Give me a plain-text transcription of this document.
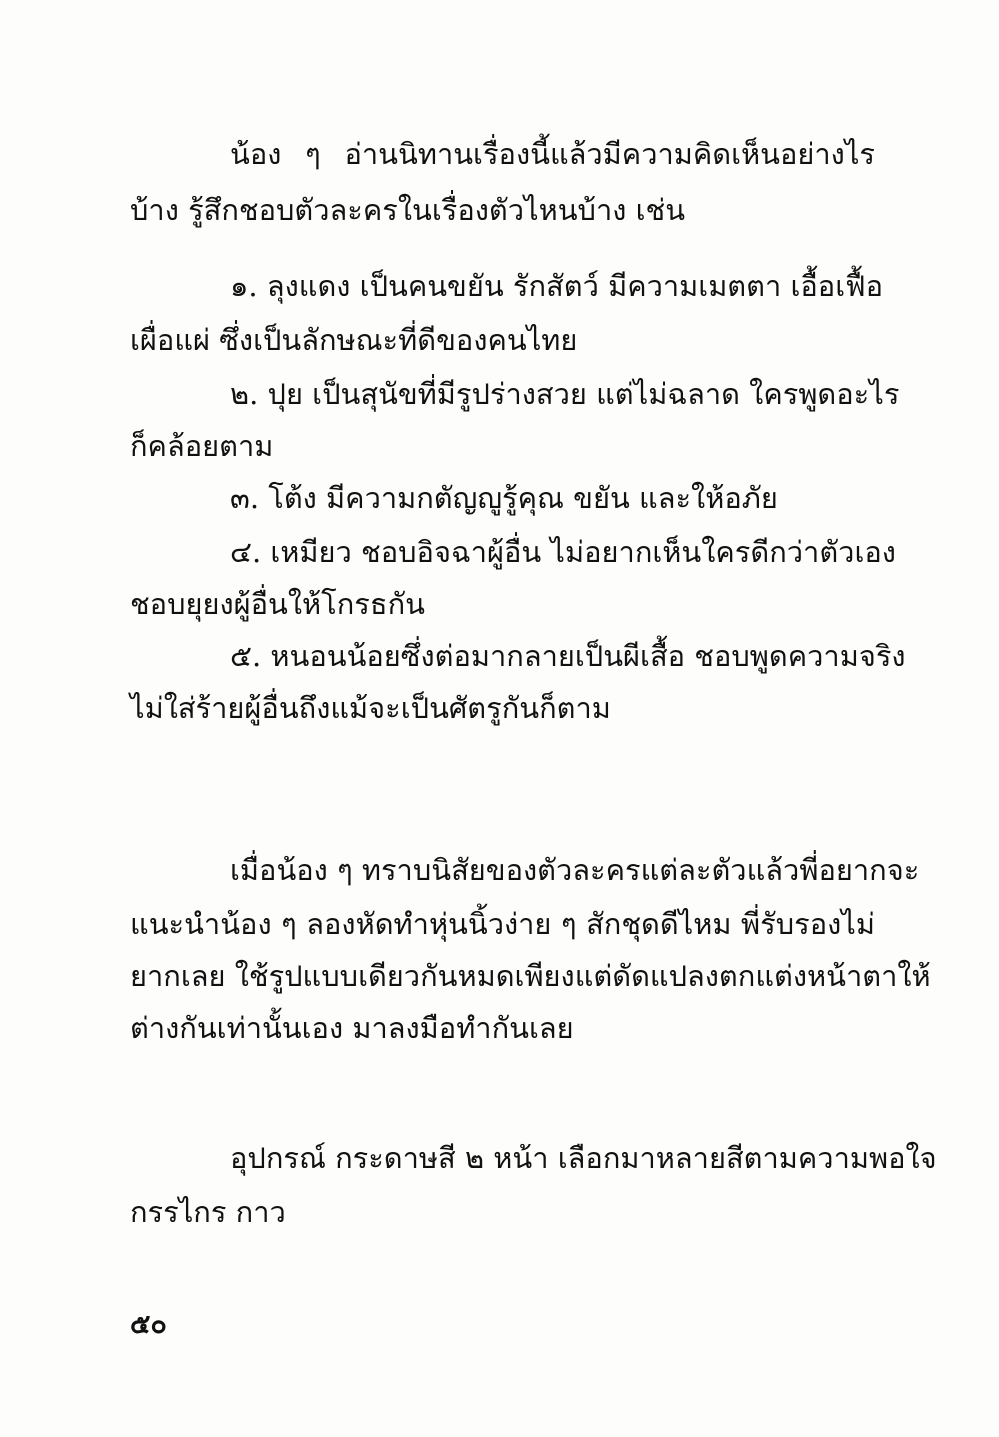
น้อง ๆ อ่านนิทานเรื่องนี้แล้วมีความคิดเห็นอย่างไร
บ้าง รู้สึกชอบตัวละครในเรื่องตัวไหนบ้าง เช่น
๑. ลุงแดง เป็นคนขยัน รักสัตว์ มีความเมตตา เอื้อเฟื้อ
เผื่อแผ่ ซึ่งเป็นลักษณะที่ดีของคนไทย
๒. ปุย เป็นสุนัขที่มีรูปร่างสวย แต่ไม่ฉลาด ใครพูดอะไร
ก็คล้อยตาม
๓. โต้ง มีความกตัญญูรู้คุณ ขยัน และให้อภัย
๔. เหมียว ชอบอิจฉาผู้อื่น ไม่อยากเห็นใครดีกว่าตัวเอง
ชอบยุยงผู้อื่นให้โกรธกัน
๕. หนอนน้อยซึ่งต่อมากลายเป็นผีเสื้อ ชอบพูดความจริง
ไม่ใส่ร้ายผู้อื่นถึงแม้จะเป็นศัตรูกันก็ตาม
เมื่อน้อง ๆ ทราบนิสัยของตัวละครแต่ละตัวแล้วพี่อยากจะ
แนะนำน้อง ๆ ลองหัดทำหุ่นนิ้วง่าย ๆ สักชุดดีไหม พี่รับรองไม่
ยากเลย ใช้รูปแบบเดียวกันหมดเพียงแต่ดัดแปลงตกแต่งหน้าตาให้
ต่างกันเท่านั้นเอง มาลงมือทำกันเลย
อุปกรณ์ กระดาษสี ๒ หน้า เลือกมาหลายสีตามความพอใจ
กรรไกร กาว
๕๐
